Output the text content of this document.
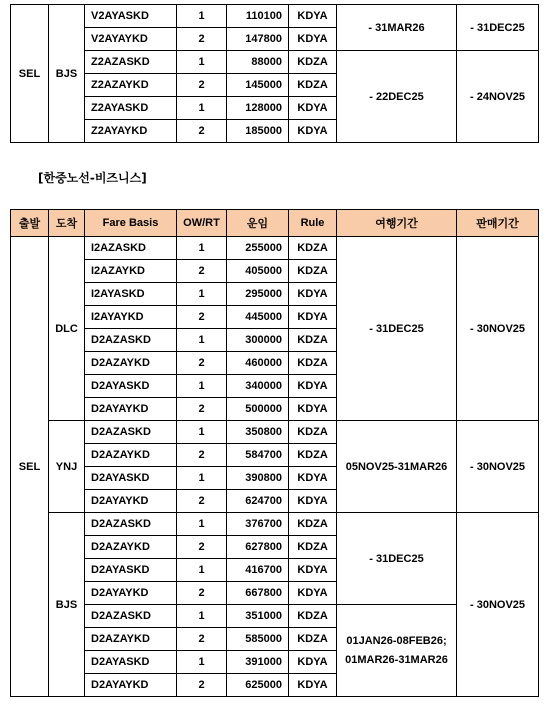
SEL	BJS	V2AYASKD	1	110100	KDYA	- 31MAR26	- 31DEC25
		V2AYAYKD	2	147800	KDYA		
		Z2AZASKD	1	88000	KDZA	- 22DEC25	- 24NOV25
		Z2AZAYKD	2	145000	KDZA		
		Z2AYASKD	1	128000	KDYA		
		Z2AYAYKD	2	185000	KDYA		
[한중노선-비즈니스]
출발	도착	Fare Basis	OW/RT	운임	Rule	여행기간	판매기간
SEL	DLC	I2AZASKD	1	255000	KDZA	- 31DEC25	- 30NOV25
		I2AZAYKD	2	405000	KDZA		
		I2AYASKD	1	295000	KDYA		
		I2AYAYKD	2	445000	KDYA		
		D2AZASKD	1	300000	KDZA		
		D2AZAYKD	2	460000	KDZA		
		D2AYASKD	1	340000	KDYA		
		D2AYAYKD	2	500000	KDYA		
	YNJ	D2AZASKD	1	350800	KDZA	05NOV25-31MAR26	- 30NOV25
		D2AZAYKD	2	584700	KDZA		
		D2AYASKD	1	390800	KDYA		
		D2AYAYKD	2	624700	KDYA		
	BJS	D2AZASKD	1	376700	KDZA	- 31DEC25	- 30NOV25
		D2AZAYKD	2	627800	KDZA		
		D2AYASKD	1	416700	KDYA		
		D2AYAYKD	2	667800	KDYA		
		D2AZASKD	1	351000	KDZA	01JAN26-08FEB26;
01MAR26-31MAR26	

		D2AZAYKD	2	585000	KDZA		
		D2AYASKD	1	391000	KDYA		
		D2AYAYKD	2	625000	KDYA		
